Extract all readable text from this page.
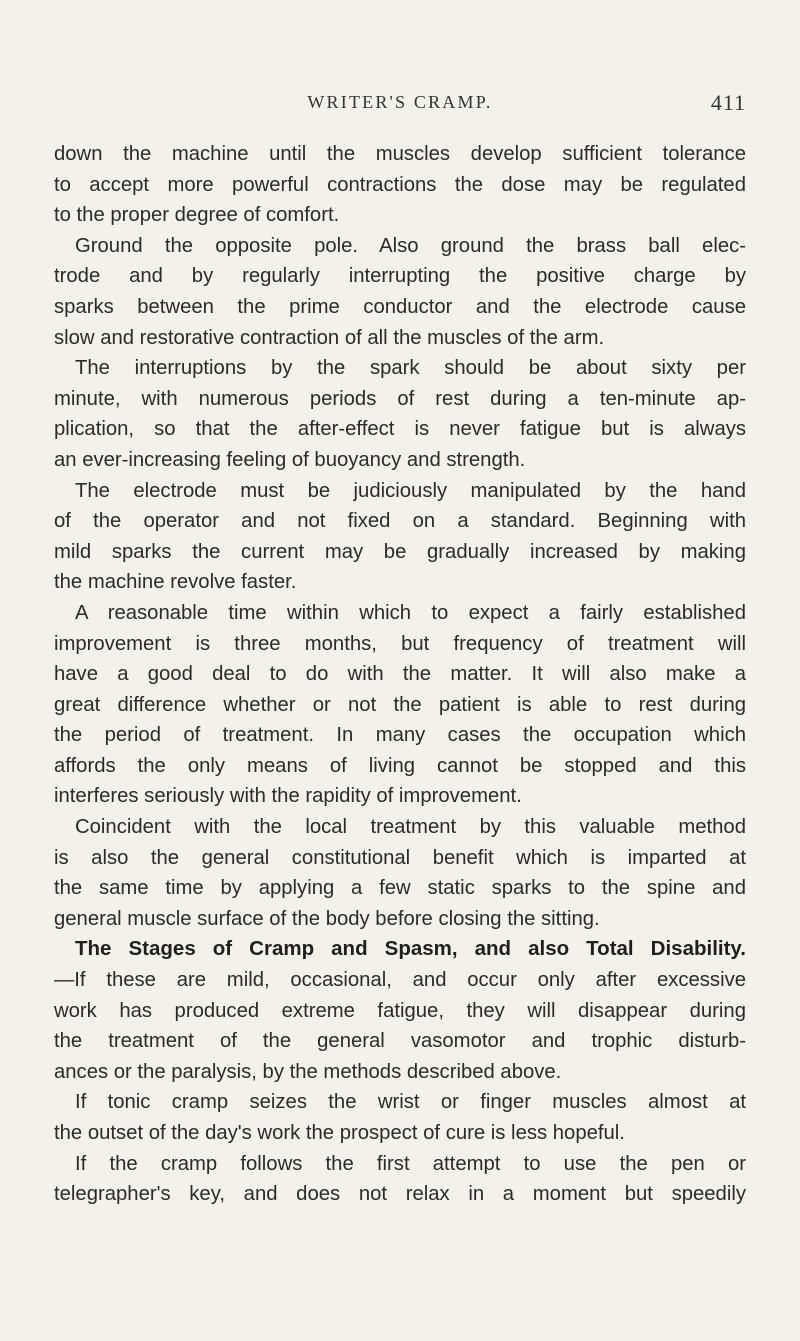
WRITER'S CRAMP.	411
down the machine until the muscles develop sufficient tolerance
to accept more powerful contractions the dose may be regulated
to the proper degree of comfort.
Ground the opposite pole. Also ground the brass ball elec-
trode and by regularly interrupting the positive charge by
sparks between the prime conductor and the electrode cause
slow and restorative contraction of all the muscles of the arm.
The interruptions by the spark should be about sixty per
minute, with numerous periods of rest during a ten-minute ap-
plication, so that the after-effect is never fatigue but is always
an ever-increasing feeling of buoyancy and strength.
The electrode must be judiciously manipulated by the hand
of the operator and not fixed on a standard. Beginning with
mild sparks the current may be gradually increased by making
the machine revolve faster.
A reasonable time within which to expect a fairly established
improvement is three months, but frequency of treatment will
have a good deal to do with the matter. It will also make a
great difference whether or not the patient is able to rest during
the period of treatment. In many cases the occupation which
affords the only means of living cannot be stopped and this
interferes seriously with the rapidity of improvement.
Coincident with the local treatment by this valuable method
is also the general constitutional benefit which is imparted at
the same time by applying a few static sparks to the spine and
general muscle surface of the body before closing the sitting.
The Stages of Cramp and Spasm, and also Total Disability.
—If these are mild, occasional, and occur only after excessive
work has produced extreme fatigue, they will disappear during
the treatment of the general vasomotor and trophic disturb-
ances or the paralysis, by the methods described above.
If tonic cramp seizes the wrist or finger muscles almost at
the outset of the day's work the prospect of cure is less hopeful.
If the cramp follows the first attempt to use the pen or
telegrapher's key, and does not relax in a moment but speedily
